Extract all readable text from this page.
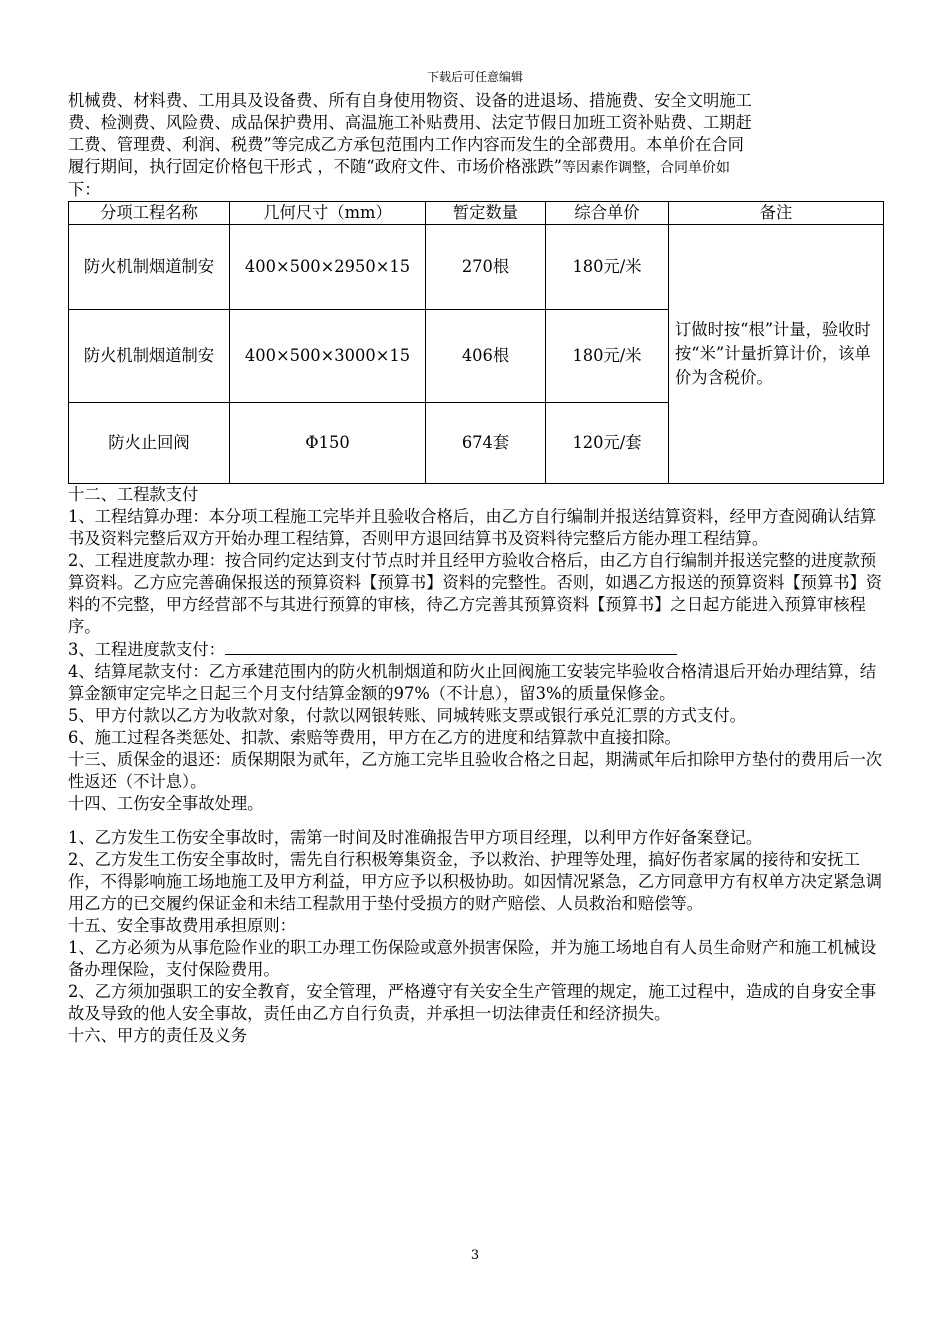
下载后可任意编辑

机械费、材料费、工用具及设备费、所有自身使用物资、设备的进退场、措施费、安全文明施工

费、检测费、风险费、成品保护费用、高温施工补贴费用、法定节假日加班工资补贴费、工期赶

工费、管理费、利润、税费”等完成乙方承包范围内工作内容而发生的全部费用。本单价在合同

履行期间，执行固定价格包干形式 ，不随“政府文件、市场价格涨跌”等因素作调整，合同单价如

下：

分项工程名称	几何尺寸（mm）	暂定数量	综合单价	备注
防火机制烟道制安	400×500×2950×15	270根	180元/米	订做时按“根”计量，验收时按“米”计量折算计价，该单价为含税价。
防火机制烟道制安	400×500×3000×15	406根	180元/米	
防火止回阀	Φ150	674套	120元/套	

十二、工程款支付

1、工程结算办理：本分项工程施工完毕并且验收合格后，由乙方自行编制并报送结算资料，经甲方查阅确认结算书及资料完整后双方开始办理工程结算，否则甲方退回结算书及资料待完整后方能办理工程结算。

2、工程进度款办理：按合同约定达到支付节点时并且经甲方验收合格后，由乙方自行编制并报送完整的进度款预算资料。乙方应完善确保报送的预算资料【预算书】资料的完整性。否则，如遇乙方报送的预算资料【预算书】资料的不完整，甲方经营部不与其进行预算的审核，待乙方完善其预算资料【预算书】之日起方能进入预算审核程序。

3、工程进度款支付：

4、结算尾款支付：乙方承建范围内的防火机制烟道和防火止回阀施工安装完毕验收合格清退后开始办理结算，结算金额审定完毕之日起三个月支付结算金额的97%（不计息），留3%的质量保修金。

5、甲方付款以乙方为收款对象，付款以网银转账、同城转账支票或银行承兑汇票的方式支付。

6、施工过程各类惩处、扣款、索赔等费用，甲方在乙方的进度和结算款中直接扣除。

十三、质保金的退还：质保期限为贰年，乙方施工完毕且验收合格之日起，期满贰年后扣除甲方垫付的费用后一次性返还（不计息）。

十四、工伤安全事故处理。

1、乙方发生工伤安全事故时，需第一时间及时准确报告甲方项目经理，以利甲方作好备案登记。

2、乙方发生工伤安全事故时，需先自行积极筹集资金，予以救治、护理等处理，搞好伤者家属的接待和安抚工作，不得影响施工场地施工及甲方利益，甲方应予以积极协助。如因情况紧急，乙方同意甲方有权单方决定紧急调用乙方的已交履约保证金和未结工程款用于垫付受损方的财产赔偿、人员救治和赔偿等。

十五、安全事故费用承担原则：

1、乙方必须为从事危险作业的职工办理工伤保险或意外损害保险，并为施工场地自有人员生命财产和施工机械设备办理保险，支付保险费用。

2、乙方须加强职工的安全教育，安全管理，严格遵守有关安全生产管理的规定，施工过程中，造成的自身安全事故及导致的他人安全事故，责任由乙方自行负责，并承担一切法律责任和经济损失。

十六、甲方的责任及义务

3
